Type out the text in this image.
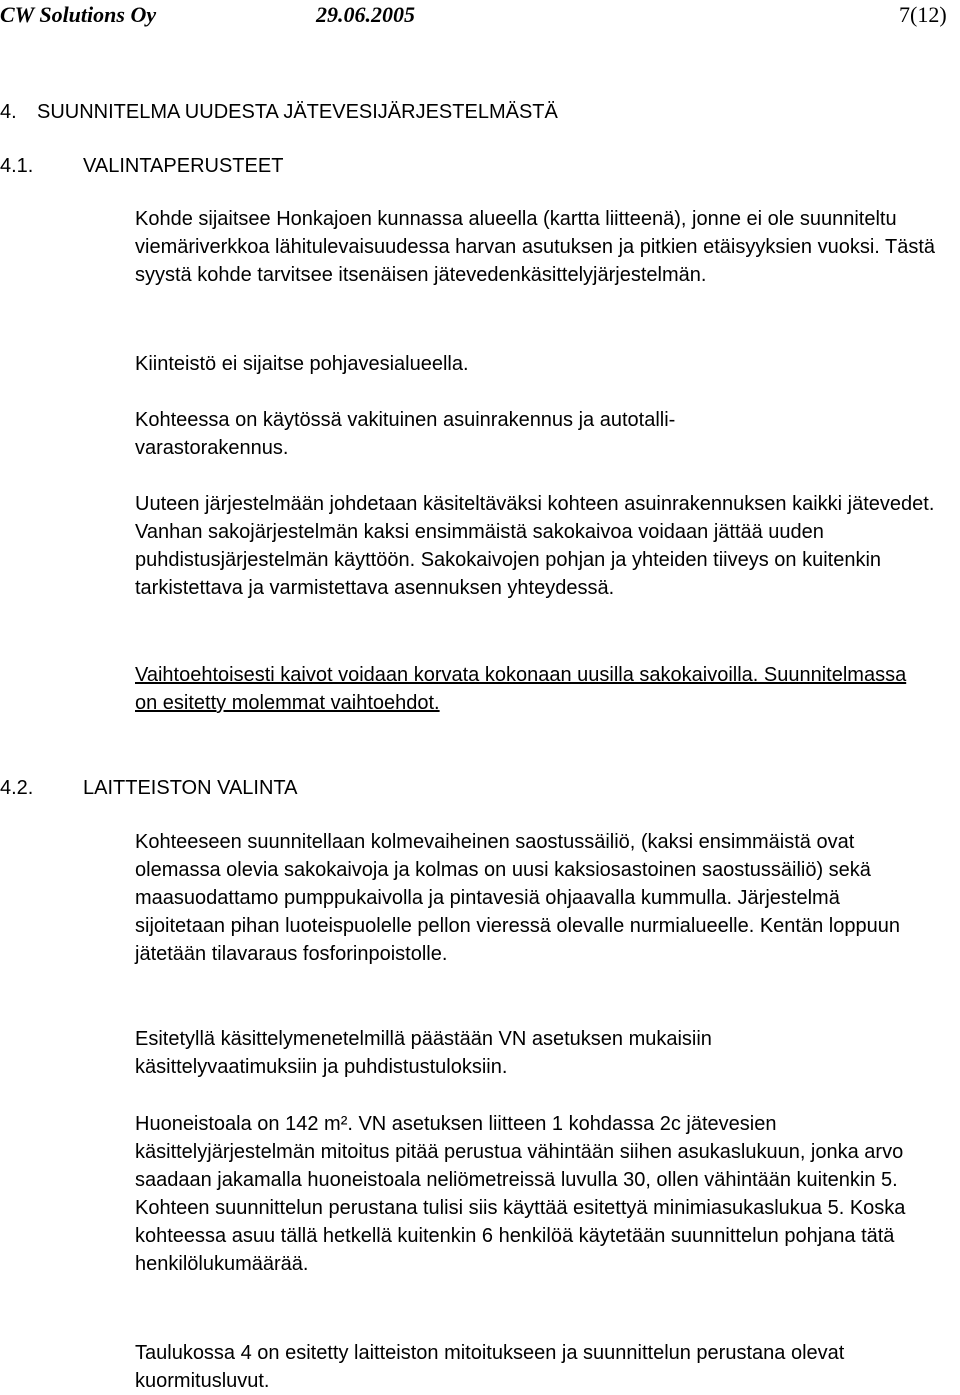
CW Solutions Oy	29.06.2005	7(12)
4. SUUNNITELMA UUDESTA JÄTEVESIJÄRJESTELMÄSTÄ
4.1. VALINTAPERUSTEET

Kohde sijaitsee Honkajoen kunnassa alueella (kartta liitteenä), jonne ei ole suunniteltu viemäriverkkoa lähitulevaisuudessa harvan asutuksen ja pitkien etäisyyksien vuoksi. Tästä syystä kohde tarvitsee itsenäisen jätevedenkäsittelyjärjestelmän.

Kiinteistö ei sijaitse pohjavesialueella.

Kohteessa on käytössä vakituinen asuinrakennus ja autotalli-varastorakennus.

Uuteen järjestelmään johdetaan käsiteltäväksi kohteen asuinrakennuksen kaikki jätevedet. Vanhan sakojärjestelmän kaksi ensimmäistä sakokaivoa voidaan jättää uuden puhdistusjärjestelmän käyttöön. Sakokaivojen pohjan ja yhteiden tiiveys on kuitenkin tarkistettava ja varmistettava asennuksen yhteydessä.

Vaihtoehtoisesti kaivot voidaan korvata kokonaan uusilla sakokaivoilla. Suunnitelmassa on esitetty molemmat vaihtoehdot.

4.2. LAITTEISTON VALINTA

Kohteeseen suunnitellaan kolmevaiheinen saostussäiliö, (kaksi ensimmäistä ovat olemassa olevia sakokaivoja ja kolmas on uusi kaksiosastoinen saostussäiliö) sekä maasuodattamo pumppukaivolla ja pintavesiä ohjaavalla kummulla. Järjestelmä sijoitetaan pihan luoteispuolelle pellon vieressä olevalle nurmialueelle. Kentän loppuun jätetään tilavaraus fosforinpoistolle.

Esitetyllä käsittelymenetelmillä päästään VN asetuksen mukaisiin käsittelyvaatimuksiin ja puhdistustuloksiin.

Huoneistoala on 142 m². VN asetuksen liitteen 1 kohdassa 2c jätevesien käsittelyjärjestelmän mitoitus pitää perustua vähintään siihen asukaslukuun, jonka arvo saadaan jakamalla huoneistoala neliömetreissä luvulla 30, ollen vähintään kuitenkin 5. Kohteen suunnittelun perustana tulisi siis käyttää esitettyä minimiasukaslukua 5. Koska kohteessa asuu tällä hetkellä kuitenkin 6 henkilöä käytetään suunnittelun pohjana tätä henkilölukumäärää.

Taulukossa 4 on esitetty laitteiston mitoitukseen ja suunnittelun perustana olevat kuormitusluvut.
